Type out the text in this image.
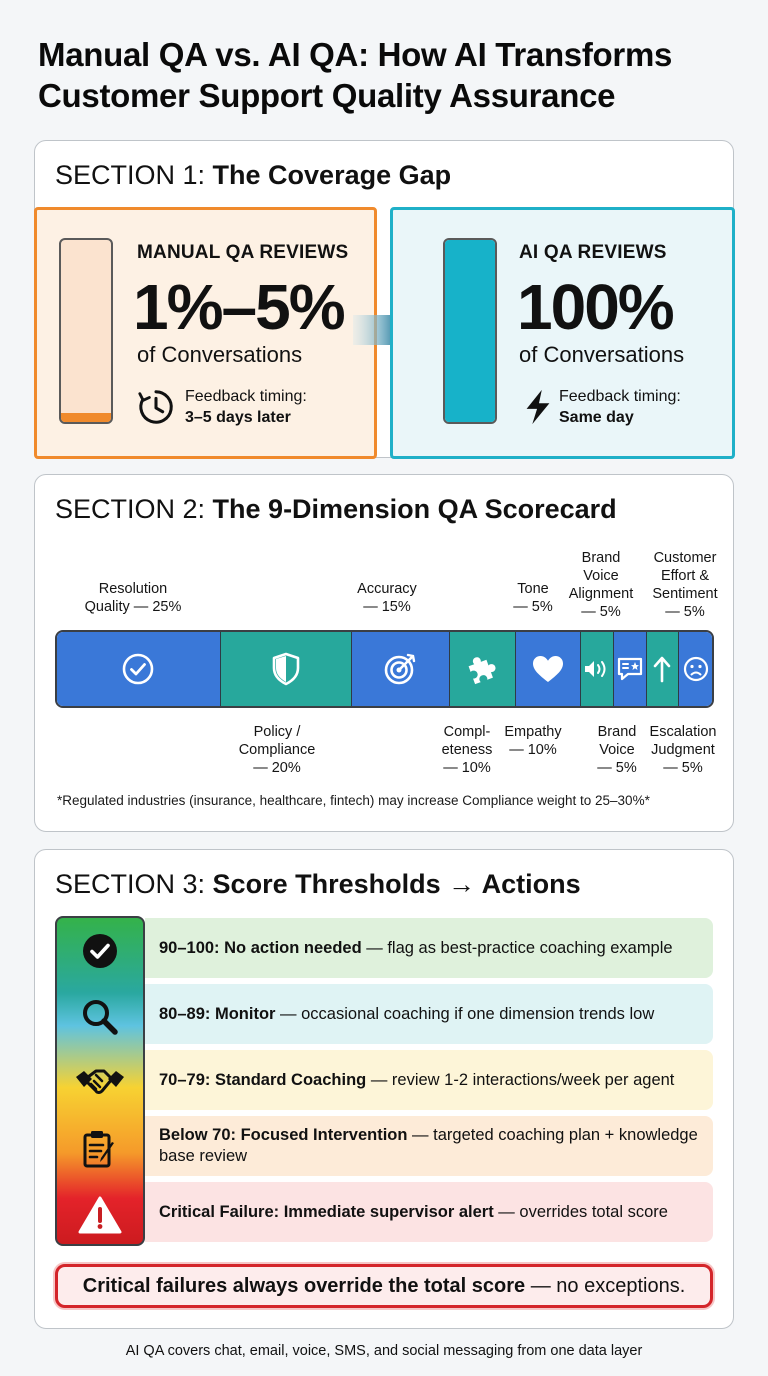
Manual QA vs. AI QA: How AI Transforms Customer Support Quality Assurance
SECTION 1: The Coverage Gap
MANUAL QA REVIEWS
1%–5%
of Conversations
Feedback timing:
3–5 days later
AI QA REVIEWS
100%
of Conversations
Feedback timing:
Same day
SECTION 2: The 9-Dimension QA Scorecard
Resolution
Quality — 25%
Accuracy
— 15%
Tone
— 5%
Brand
Voice
Alignment
— 5%
Customer
Effort &
Sentiment
— 5%
Policy /
Compliance
— 20%
Compl-
eteness
— 10%
Empathy
— 10%
Brand
Voice
— 5%
Escalation
Judgment
— 5%
*Regulated industries (insurance, healthcare, fintech) may increase Compliance weight to 25–30%*
SECTION 3: Score Thresholds → Actions
90–100: No action needed — flag as best-practice coaching example
80–89: Monitor — occasional coaching if one dimension trends low
70–79: Standard Coaching — review 1-2 interactions/week per agent
Below 70: Focused Intervention — targeted coaching plan + knowledge base review
Critical Failure: Immediate supervisor alert — overrides total score
Critical failures always override the total score — no exceptions.
AI QA covers chat, email, voice, SMS, and social messaging from one data layer
